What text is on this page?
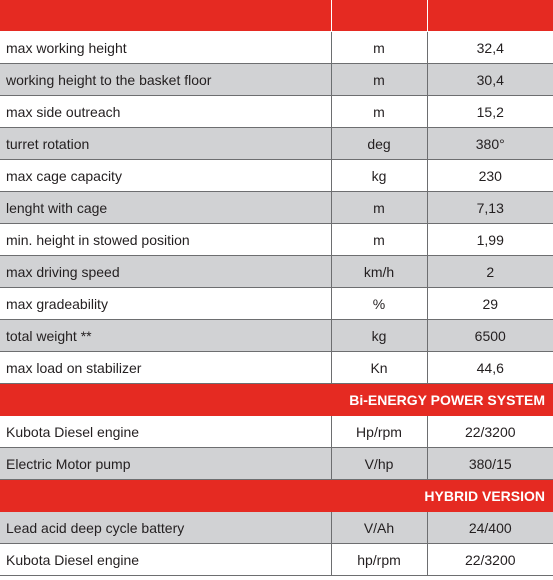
max working height	m	32,4
working height to the basket floor	m	30,4
max side outreach	m	15,2
turret rotation	deg	380°
max cage capacity	kg	230
lenght with cage	m	7,13
min. height in stowed position	m	1,99
max driving speed	km/h	2
max gradeability	%	29
total weight **	kg	6500
max load on stabilizer	Kn	44,6
Bi-ENERGY POWER SYSTEM		
Kubota Diesel engine	Hp/rpm	22/3200
Electric Motor pump	V/hp	380/15
HYBRID VERSION		
Lead acid deep cycle battery	V/Ah	24/400
Kubota Diesel engine	hp/rpm	22/3200
